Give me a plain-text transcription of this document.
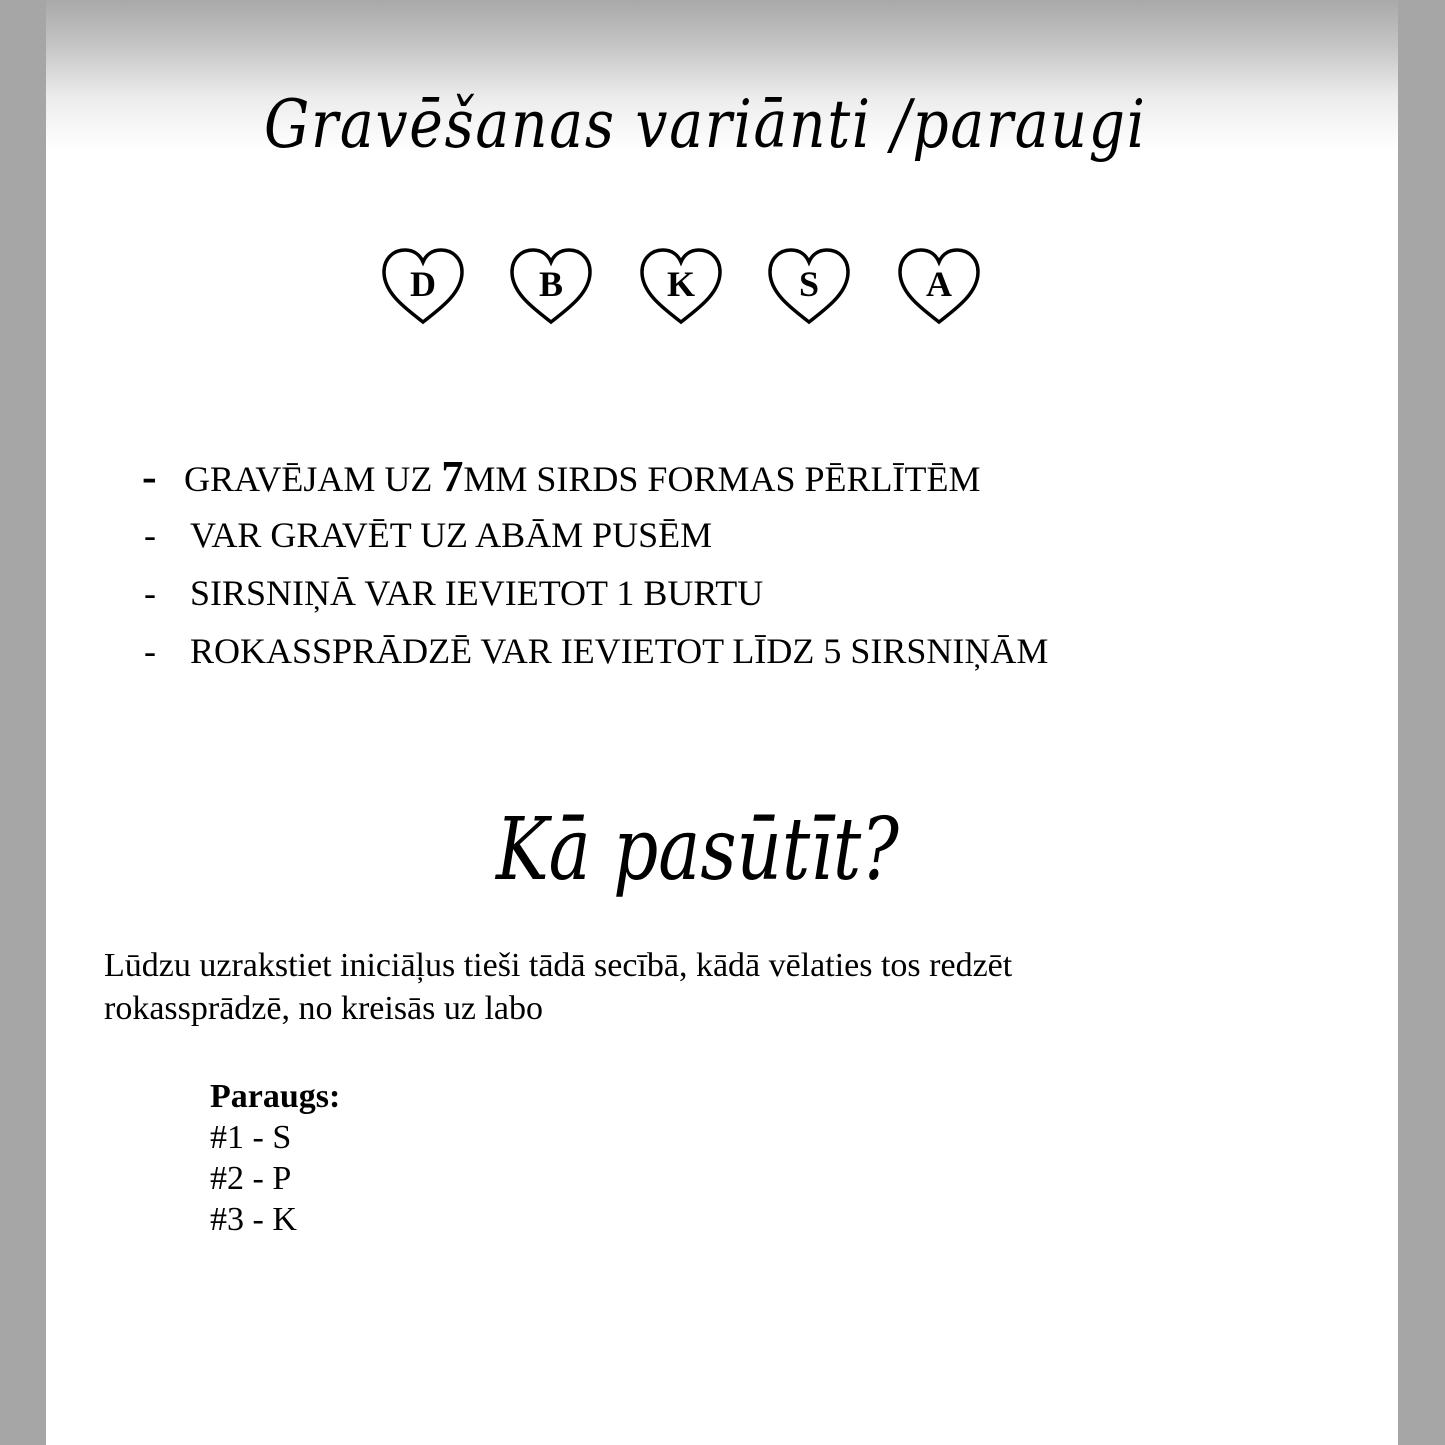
Gravēšanas variānti /paraugi
D	B	K	S	A
- GRAVĒJAM UZ 7MM SIRDS FORMAS PĒRLĪTĒM
- VAR GRAVĒT UZ ABĀM PUSĒM
- SIRSNIŅĀ VAR IEVIETOT 1 BURTU
- ROKASSPRĀDZĒ VAR IEVIETOT LĪDZ 5 SIRSNIŅĀM
Kā pasūtīt?
Lūdzu uzrakstiet iniciāļus tieši tādā secībā, kādā vēlaties tos redzēt
rokassprādzē, no kreisās uz labo
Paraugs:
#1 - S
#2 - P
#3 - K
